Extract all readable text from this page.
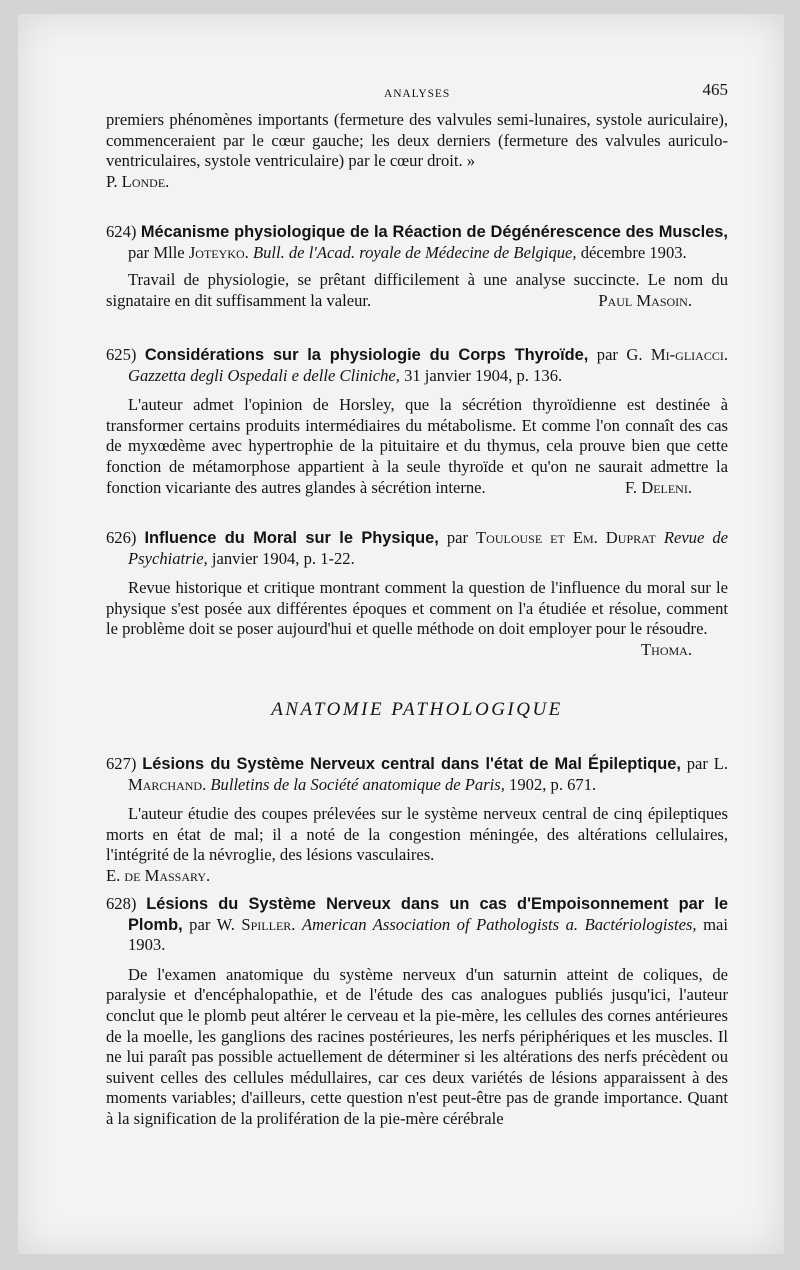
ANALYSES	465

premiers phénomènes importants (fermeture des valvules semi-lunaires, systole auriculaire), commenceraient par le cœur gauche; les deux derniers (fermeture des valvules auriculo-ventriculaires, systole ventriculaire) par le cœur droit. »

P. Londe.

624) Mécanisme physiologique de la Réaction de Dégénérescence des Muscles, par Mlle Joteyko. Bull. de l'Acad. royale de Médecine de Belgique, décembre 1903.

Travail de physiologie, se prêtant difficilement à une analyse succincte. Le nom du signataire en dit suffisamment la valeur.	Paul Masoin.

625) Considérations sur la physiologie du Corps Thyroïde, par G. Mi-gliacci. Gazzetta degli Ospedali e delle Cliniche, 31 janvier 1904, p. 136.

L'auteur admet l'opinion de Horsley, que la sécrétion thyroïdienne est destinée à transformer certains produits intermédiaires du métabolisme. Et comme l'on connaît des cas de myxœdème avec hypertrophie de la pituitaire et du thymus, cela prouve bien que cette fonction de métamorphose appartient à la seule thyroïde et qu'on ne saurait admettre la fonction vicariante des autres glandes à sécrétion interne.	F. Deleni.

626) Influence du Moral sur le Physique, par Toulouse et Em. Duprat Revue de Psychiatrie, janvier 1904, p. 1-22.

Revue historique et critique montrant comment la question de l'influence du moral sur le physique s'est posée aux différentes époques et comment on l'a étudiée et résolue, comment le problème doit se poser aujourd'hui et quelle méthode on doit employer pour le résoudre.
Thoma.

ANATOMIE PATHOLOGIQUE

627) Lésions du Système Nerveux central dans l'état de Mal Épileptique, par L. Marchand. Bulletins de la Société anatomique de Paris, 1902, p. 671.

L'auteur étudie des coupes prélevées sur le système nerveux central de cinq épileptiques morts en état de mal; il a noté de la congestion méningée, des altérations cellulaires, l'intégrité de la névroglie, des lésions vasculaires.

E. de Massary.

628) Lésions du Système Nerveux dans un cas d'Empoisonnement par le Plomb, par W. Spiller. American Association of Pathologists a. Bactériologistes, mai 1903.

De l'examen anatomique du système nerveux d'un saturnin atteint de coliques, de paralysie et d'encéphalopathie, et de l'étude des cas analogues publiés jusqu'ici, l'auteur conclut que le plomb peut altérer le cerveau et la pie-mère, les cellules des cornes antérieures de la moelle, les ganglions des racines postérieures, les nerfs périphériques et les muscles. Il ne lui paraît pas possible actuellement de déterminer si les altérations des nerfs précèdent ou suivent celles des cellules médullaires, car ces deux variétés de lésions apparaissent à des moments variables; d'ailleurs, cette question n'est peut-être pas de grande importance. Quant à la signification de la prolifération de la pie-mère cérébrale
